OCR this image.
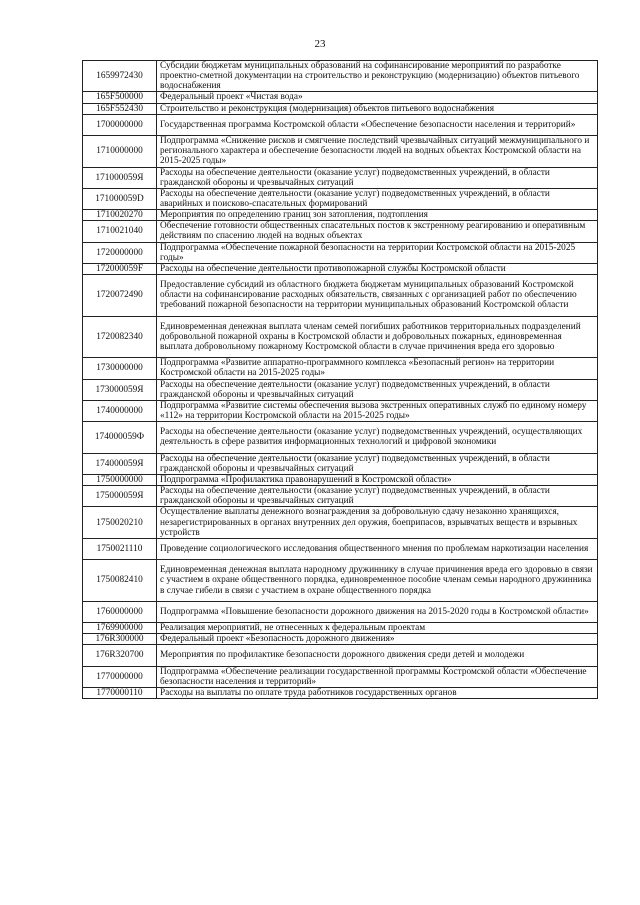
23
1659972430	Субсидии бюджетам муниципальных образований на софинансирование мероприятий по разработке проектно-сметной документации на строительство и реконструкцию (модернизацию) объектов питьевого водоснабжения
165F500000	Федеральный проект «Чистая вода»
165F552430	Строительство и реконструкция (модернизация) объектов питьевого водоснабжения
1700000000	Государственная программа Костромской области «Обеспечение безопасности населения и территорий»
1710000000	Подпрограмма «Снижение рисков и смягчение последствий чрезвычайных ситуаций межмуниципального и регионального характера и обеспечение безопасности людей на водных объектах Костромской области на 2015-2025 годы»
171000059Я	Расходы на обеспечение деятельности (оказание услуг) подведомственных учреждений, в области гражданской обороны и чрезвычайных ситуаций
171000059D	Расходы на обеспечение деятельности (оказание услуг) подведомственных учреждений, в области аварийных и поисково-спасательных формирований
1710020270	Мероприятия по определению границ зон затопления, подтопления
1710021040	Обеспечение готовности общественных спасательных постов к экстренному реагированию и оперативным действиям по спасению людей на водных объектах
1720000000	Подпрограмма «Обеспечение пожарной безопасности на территории Костромской области на 2015-2025 годы»
172000059F	Расходы на обеспечение деятельности противопожарной службы Костромской области
1720072490	Предоставление субсидий из областного бюджета бюджетам муниципальных образований Костромской области на софинансирование расходных обязательств, связанных с организацией работ по обеспечению требований пожарной безопасности на территории муниципальных образований Костромской области
1720082340	Единовременная денежная выплата членам семей погибших работников территориальных подразделений добровольной пожарной охраны в Костромской области и добровольных пожарных, единовременная выплата добровольному пожарному Костромской области в случае причинения вреда его здоровью
1730000000	Подпрограмма «Развитие аппаратно-программного комплекса «Безопасный регион» на территории Костромской области на 2015-2025 годы»
173000059Я	Расходы на обеспечение деятельности (оказание услуг) подведомственных учреждений, в области гражданской обороны и чрезвычайных ситуаций
1740000000	Подпрограмма «Развитие системы обеспечения вызова экстренных оперативных служб по единому номеру «112» на территории Костромской области на 2015-2025 годы»
174000059Ф	Расходы на обеспечение деятельности (оказание услуг) подведомственных учреждений, осуществляющих деятельность в сфере развития информационных технологий и цифровой экономики
174000059Я	Расходы на обеспечение деятельности (оказание услуг) подведомственных учреждений, в области гражданской обороны и чрезвычайных ситуаций
1750000000	Подпрограмма «Профилактика правонарушений в Костромской области»
175000059Я	Расходы на обеспечение деятельности (оказание услуг) подведомственных учреждений, в области гражданской обороны и чрезвычайных ситуаций
1750020210	Осуществление выплаты денежного вознаграждения за добровольную сдачу незаконно хранящихся, незарегистрированных в органах внутренних дел оружия, боеприпасов, взрывчатых веществ и взрывных устройств
1750021110	Проведение социологического исследования общественного мнения по проблемам наркотизации населения
1750082410	Единовременная денежная выплата народному дружиннику в случае причинения вреда его здоровью в связи с участием в охране общественного порядка, единовременное пособие членам семьи народного дружинника в случае гибели в связи с участием в охране общественного порядка
1760000000	Подпрограмма «Повышение безопасности дорожного движения на 2015-2020 годы в Костромской области»
1769900000	Реализация мероприятий, не отнесенных к федеральным проектам
176R300000	Федеральный проект «Безопасность дорожного движения»
176R320700	Мероприятия по профилактике безопасности дорожного движения среди детей и молодежи
1770000000	Подпрограмма «Обеспечение реализации государственной программы Костромской области «Обеспечение безопасности населения и территорий»
1770000110	Расходы на выплаты по оплате труда работников государственных органов
